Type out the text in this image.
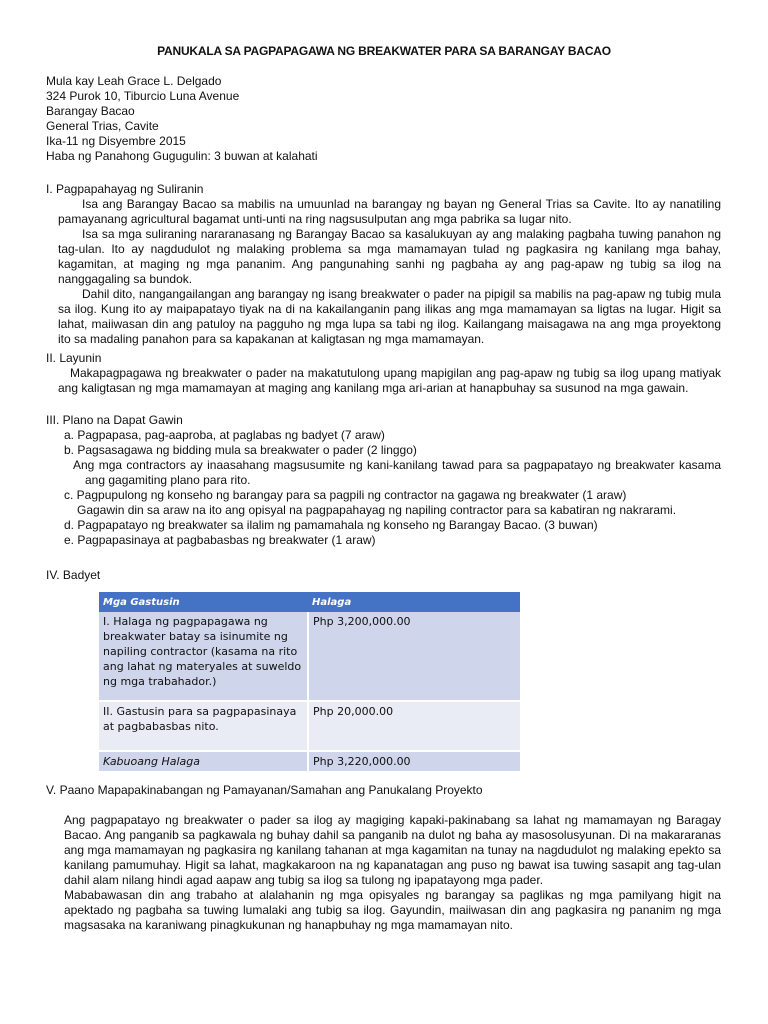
PANUKALA SA PAGPAPAGAWA NG BREAKWATER PARA SA BARANGAY BACAO
Mula kay Leah Grace L. Delgado
324 Purok 10, Tiburcio Luna Avenue
Barangay Bacao
General Trias, Cavite
Ika-11 ng Disyembre 2015
Haba ng Panahong Gugugulin: 3 buwan at kalahati
I. Pagpapahayag ng Suliranin

Isa ang Barangay Bacao sa mabilis na umuunlad na barangay ng bayan ng General Trias sa Cavite. Ito ay nanatiling pamayanang agricultural bagamat unti-unti na ring nagsusulputan ang mga pabrika sa lugar nito.

Isa sa mga suliraning nararanasang ng Barangay Bacao sa kasalukuyan ay ang malaking pagbaha tuwing panahon ng tag-ulan. Ito ay nagdudulot ng malaking problema sa mga mamamayan tulad ng pagkasira ng kanilang mga bahay, kagamitan, at maging ng mga pananim. Ang pangunahing sanhi ng pagbaha ay ang pag-apaw ng tubig sa ilog na nanggagaling sa bundok.

Dahil dito, nangangailangan ang barangay ng isang breakwater o pader na pipigil sa mabilis na pag-apaw ng tubig mula sa ilog. Kung ito ay maipapatayo tiyak na di na kakailanganin pang ilikas ang mga mamamayan sa ligtas na lugar. Higit sa lahat, maiiwasan din ang patuloy na pagguho ng mga lupa sa tabi ng ilog. Kailangang maisagawa na ang mga proyektong ito sa madaling panahon para sa kapakanan at kaligtasan ng mga mamamayan.

II. Layunin

Makapagpagawa ng breakwater o pader na makatutulong upang mapigilan ang pag-apaw ng tubig sa ilog upang matiyak ang kaligtasan ng mga mamamayan at maging ang kanilang mga ari-arian at hanapbuhay sa susunod na mga gawain.

III. Plano na Dapat Gawin
a. Pagpapasa, pag-aaproba, at paglabas ng badyet (7 araw)
b. Pagsasagawa ng bidding mula sa breakwater o pader (2 linggo)

Ang mga contractors ay inaasahang magsusumite ng kani-kanilang tawad para sa pagpapatayo ng breakwater kasama ang gagamiting plano para rito.

c. Pagpupulong ng konseho ng barangay para sa pagpili ng contractor na gagawa ng breakwater (1 araw)
Gagawin din sa araw na ito ang opisyal na pagpapahayag ng napiling contractor para sa kabatiran ng nakrarami.
d. Pagpapatayo ng breakwater sa ilalim ng pamamahala ng konseho ng Barangay Bacao. (3 buwan)
e. Pagpapasinaya at pagbabasbas ng breakwater (1 araw)
IV. Badyet
Mga Gastusin	Halaga
I. Halaga ng pagpapagawa ng breakwater batay sa isinumite ng napiling contractor (kasama na rito ang lahat ng materyales at suweldo ng mga trabahador.)	Php 3,200,000.00
II. Gastusin para sa pagpapasinaya at pagbabasbas nito.	Php 20,000.00
Kabuoang Halaga	Php 3,220,000.00
V. Paano Mapapakinabangan ng Pamayanan/Samahan ang Panukalang Proyekto

Ang pagpapatayo ng breakwater o pader sa ilog ay magiging kapaki-pakinabang sa lahat ng mamamayan ng Baragay Bacao. Ang panganib sa pagkawala ng buhay dahil sa panganib na dulot ng baha ay masosolusyunan. Di na makararanas ang mga mamamayan ng pagkasira ng kanilang tahanan at mga kagamitan na tunay na nagdudulot ng malaking epekto sa kanilang pamumuhay. Higit sa lahat, magkakaroon na ng kapanatagan ang puso ng bawat isa tuwing sasapit ang tag-ulan dahil alam nilang hindi agad aapaw ang tubig sa ilog sa tulong ng ipapatayong mga pader.

Mababawasan din ang trabaho at alalahanin ng mga opisyales ng barangay sa paglikas ng mga pamilyang higit na apektado ng pagbaha sa tuwing lumalaki ang tubig sa ilog. Gayundin, maiiwasan din ang pagkasira ng pananim ng mga magsasaka na karaniwang pinagkukunan ng hanapbuhay ng mga mamamayan nito.
